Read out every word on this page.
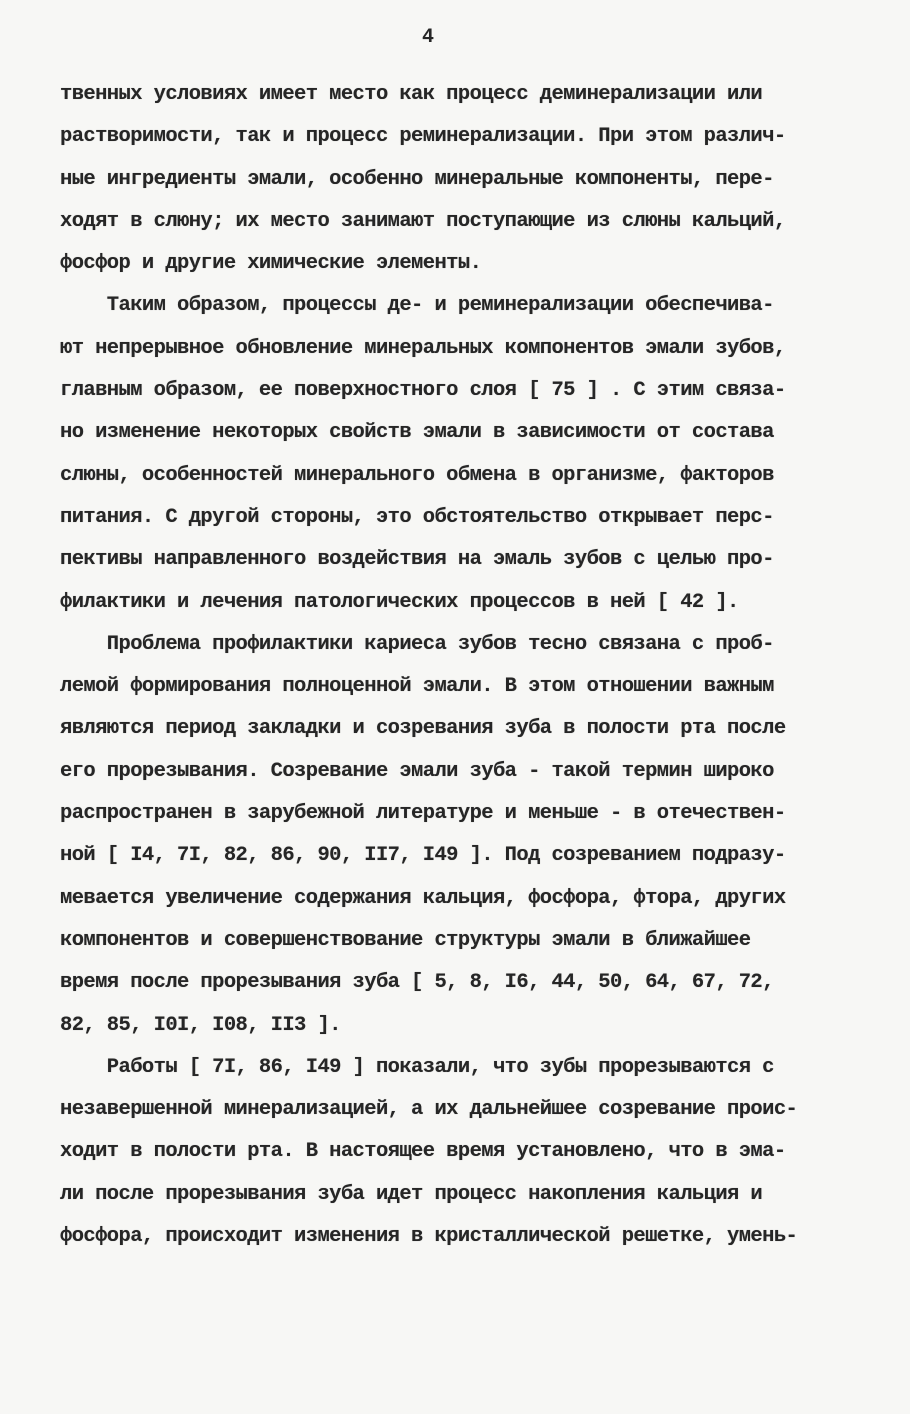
4
твенных условиях имеет место как процесс деминерализации или
растворимости, так и процесс реминерализации. При этом различ-
ные ингредиенты эмали, особенно минеральные компоненты, пере-
ходят в слюну; их место занимают поступающие из слюны кальций,
фосфор и другие химические элементы.
Таким образом, процессы де- и реминерализации обеспечива-
ют непрерывное обновление минеральных компонентов эмали зубов,
главным образом, ее поверхностного слоя [ 75 ] . С этим связа-
но изменение некоторых свойств эмали в зависимости от состава
слюны, особенностей минерального обмена в организме, факторов
питания. С другой стороны, это обстоятельство открывает перс-
пективы направленного воздействия на эмаль зубов с целью про-
филактики и лечения патологических процессов в ней [ 42 ].
Проблема профилактики кариеса зубов тесно связана с проб-
лемой формирования полноценной эмали. В этом отношении важным
являются период закладки и созревания зуба в полости рта после
его прорезывания. Созревание эмали зуба - такой термин широко
распространен в зарубежной литературе и меньше - в отечествен-
ной [ I4, 7I, 82, 86, 90, II7, I49 ]. Под созреванием подразу-
мевается увеличение содержания кальция, фосфора, фтора, других
компонентов и совершенствование структуры эмали в ближайшее
время после прорезывания зуба [ 5, 8, I6, 44, 50, 64, 67, 72,
82, 85, I0I, I08, II3 ].
Работы [ 7I, 86, I49 ] показали, что зубы прорезываются с
незавершенной минерализацией, а их дальнейшее созревание проис-
ходит в полости рта. В настоящее время установлено, что в эма-
ли после прорезывания зуба идет процесс накопления кальция и
фосфора, происходит изменения в кристаллической решетке, умень-
